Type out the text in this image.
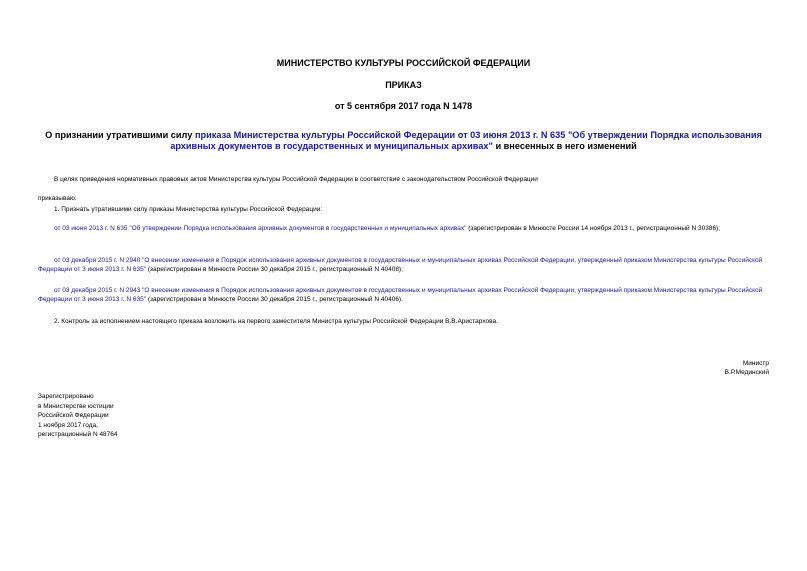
МИНИСТЕРСТВО КУЛЬТУРЫ РОССИЙСКОЙ ФЕДЕРАЦИИ
ПРИКАЗ
от 5 сентября 2017 года N 1478
О признании утратившими силу приказа Министерства культуры Российской Федерации от 03 июня 2013 г. N 635 "Об утверждении Порядка использования архивных документов в государственных и муниципальных архивах" и внесенных в него изменений
В целях приведения нормативных правовых актов Министерства культуры Российской Федерации в соответствие с законодательством Российской Федерации
приказываю:
1. Признать утратившими силу приказы Министерства культуры Российской Федерации:
от 03 июня 2013 г. N 635 "Об утверждении Порядка использования архивных документов в государственных и муниципальных архивах" (зарегистрирован в Минюсте России 14 ноября 2013 г., регистрационный N 30386);
от 03 декабря 2015 г. N 2940 "О внесении изменения в Порядок использования архивных документов в государственных и муниципальных архивах Российской Федерации, утвержденный приказом Министерства культуры Российской Федерации от 3 июня 2013 г. N 635" (зарегистрирован в Минюсте России 30 декабря 2015 г., регистрационный N 40408);
от 03 декабря 2015 г. N 2943 "О внесении изменения в Порядок использования архивных документов в государственных и муниципальных архивах Российской Федерации, утвержденный приказом Министерства культуры Российской Федерации от 3 июня 2013 г. N 635" (зарегистрирован в Минюсте России 30 декабря 2015 г., регистрационный N 40406).
2. Контроль за исполнением настоящего приказа возложить на первого заместителя Министра культуры Российской Федерации В.В.Аристархова.
Министр
В.Р.Мединский
Зарегистрировано
в Министерстве юстиции
Российской Федерации
1 ноября 2017 года,
регистрационный N 48764
